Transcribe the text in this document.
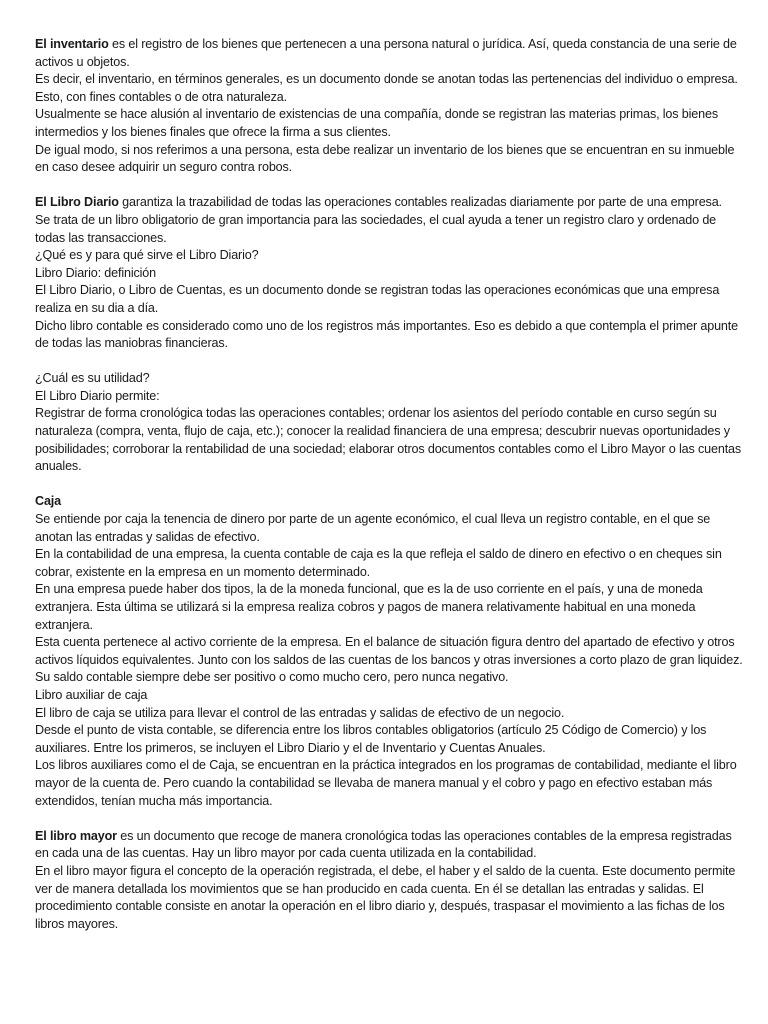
El inventario es el registro de los bienes que pertenecen a una persona natural o jurídica. Así, queda constancia de una serie de activos u objetos.

Es decir, el inventario, en términos generales, es un documento donde se anotan todas las pertenencias del individuo o empresa. Esto, con fines contables o de otra naturaleza.

Usualmente se hace alusión al inventario de existencias de una compañía, donde se registran las materias primas, los bienes intermedios y los bienes finales que ofrece la firma a sus clientes.

De igual modo, si nos referimos a una persona, esta debe realizar un inventario de los bienes que se encuentran en su inmueble en caso desee adquirir un seguro contra robos.

El Libro Diario garantiza la trazabilidad de todas las operaciones contables realizadas diariamente por parte de una empresa.

Se trata de un libro obligatorio de gran importancia para las sociedades, el cual ayuda a tener un registro claro y ordenado de todas las transacciones.

¿Qué es y para qué sirve el Libro Diario?

Libro Diario: definición

El Libro Diario, o Libro de Cuentas, es un documento donde se registran todas las operaciones económicas que una empresa realiza en su dia a día.

Dicho libro contable es considerado como uno de los registros más importantes. Eso es debido a que contempla el primer apunte de todas las maniobras financieras.

¿Cuál es su utilidad?

El Libro Diario permite:

Registrar de forma cronológica todas las operaciones contables; ordenar los asientos del período contable en curso según su naturaleza (compra, venta, flujo de caja, etc.); conocer la realidad financiera de una empresa; descubrir nuevas oportunidades y posibilidades; corroborar la rentabilidad de una sociedad; elaborar otros documentos contables como el Libro Mayor o las cuentas anuales.

Caja

Se entiende por caja la tenencia de dinero por parte de un agente económico, el cual lleva un registro contable, en el que se anotan las entradas y salidas de efectivo.

En la contabilidad de una empresa, la cuenta contable de caja es la que refleja el saldo de dinero en efectivo o en cheques sin cobrar, existente en la empresa en un momento determinado.

En una empresa puede haber dos tipos, la de la moneda funcional, que es la de uso corriente en el país, y una de moneda extranjera. Esta última se utilizará si la empresa realiza cobros y pagos de manera relativamente habitual en una moneda extranjera.

Esta cuenta pertenece al activo corriente de la empresa. En el balance de situación figura dentro del apartado de efectivo y otros activos líquidos equivalentes. Junto con los saldos de las cuentas de los bancos y otras inversiones a corto plazo de gran liquidez.

Su saldo contable siempre debe ser positivo o como mucho cero, pero nunca negativo.

Libro auxiliar de caja

El libro de caja se utiliza para llevar el control de las entradas y salidas de efectivo de un negocio.

Desde el punto de vista contable, se diferencia entre los libros contables obligatorios (artículo 25 Código de Comercio) y los auxiliares. Entre los primeros, se incluyen el Libro Diario y el de Inventario y Cuentas Anuales.

Los libros auxiliares como el de Caja, se encuentran en la práctica integrados en los programas de contabilidad, mediante el libro mayor de la cuenta de. Pero cuando la contabilidad se llevaba de manera manual y el cobro y pago en efectivo estaban más extendidos, tenían mucha más importancia.

El libro mayor es un documento que recoge de manera cronológica todas las operaciones contables de la empresa registradas en cada una de las cuentas. Hay un libro mayor por cada cuenta utilizada en la contabilidad.

En el libro mayor figura el concepto de la operación registrada, el debe, el haber y el saldo de la cuenta. Este documento permite ver de manera detallada los movimientos que se han producido en cada cuenta. En él se detallan las entradas y salidas. El procedimiento contable consiste en anotar la operación en el libro diario y, después, traspasar el movimiento a las fichas de los libros mayores.
